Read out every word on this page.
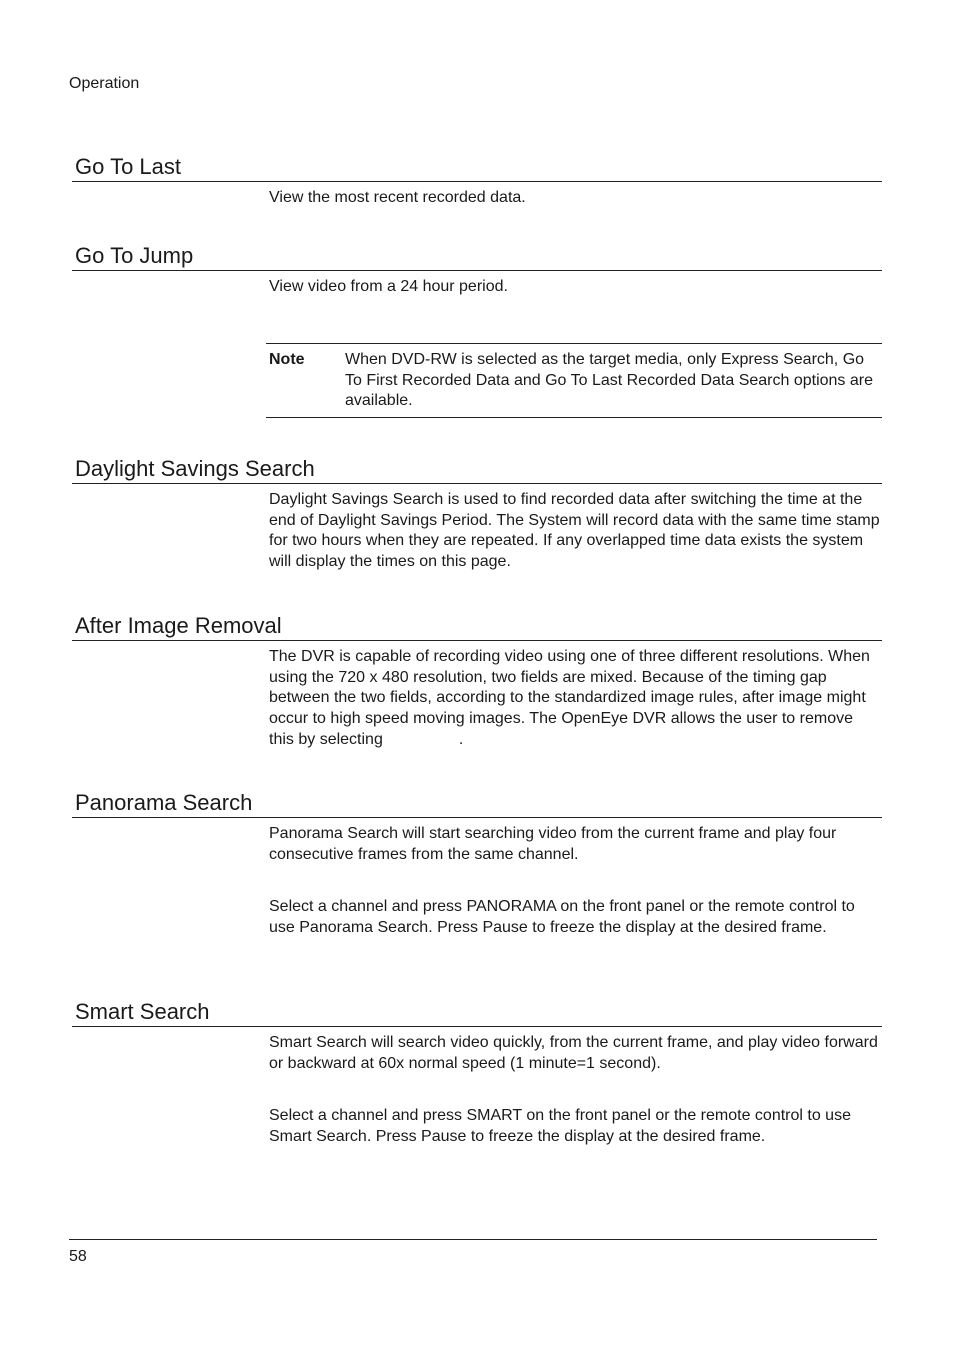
Operation
Go To Last

View the most recent recorded data.

Go To Jump

View video from a 24 hour period.

Note	When DVD-RW is selected as the target media, only Express Search, Go To First Recorded Data and Go To Last Recorded Data Search options are available.
Daylight Savings Search

Daylight Savings Search is used to find recorded data after switching the time at the end of Daylight Savings Period. The System will record data with the same time stamp for two hours when they are repeated. If any overlapped time data exists the system will display the times on this page.

After Image Removal

The DVR is capable of recording video using one of three different resolutions. When using the 720 x 480 resolution, two fields are mixed. Because of the timing gap between the two fields, according to the standardized image rules, after image might occur to high speed moving images. The OpenEye DVR allows the user to remove this by selecting	.

Panorama Search

Panorama Search will start searching video from the current frame and play four consecutive frames from the same channel.

Select a channel and press PANORAMA on the front panel or the remote control to use Panorama Search. Press Pause to freeze the display at the desired frame.

Smart Search

Smart Search will search video quickly, from the current frame, and play video forward or backward at 60x normal speed (1 minute=1 second).

Select a channel and press SMART on the front panel or the remote control to use Smart Search. Press Pause to freeze the display at the desired frame.

58
